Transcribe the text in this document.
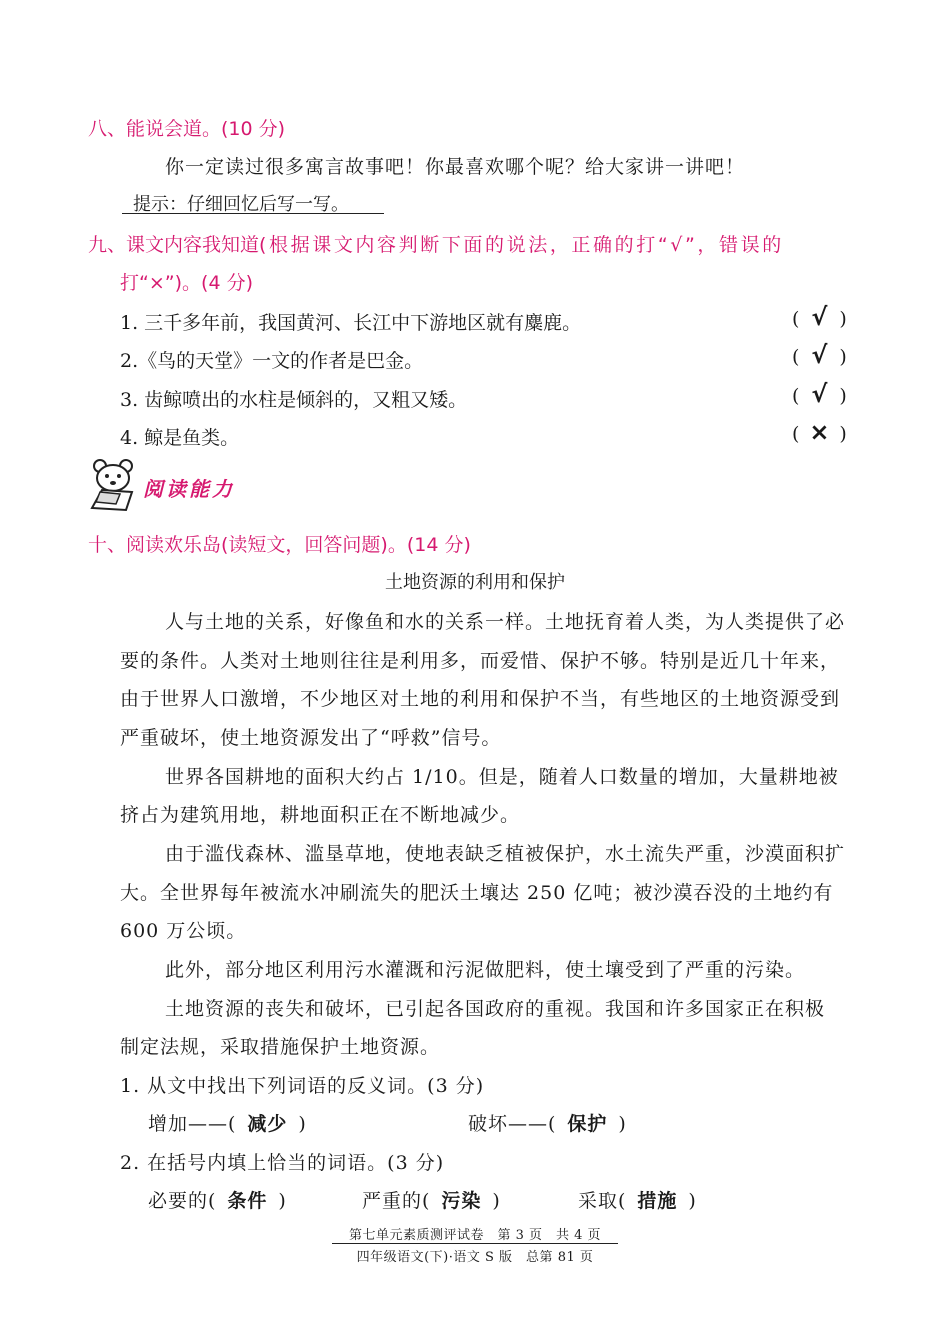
八、能说会道。(10 分)
你一定读过很多寓言故事吧！你最喜欢哪个呢？给大家讲一讲吧！
提示：仔细回忆后写一写。
九、课文内容我知道(根据课文内容判断下面的说法，正确的打“√”，错误的
打“×”)。(4 分)
1. 三千多年前，我国黄河、长江中下游地区就有麋鹿。	( √ )
2.《鸟的天堂》一文的作者是巴金。	( √ )
3. 齿鲸喷出的水柱是倾斜的，又粗又矮。	( √ )
4. 鲸是鱼类。	( × )
阅读能力
十、阅读欢乐岛(读短文，回答问题)。(14 分)
土地资源的利用和保护
人与土地的关系，好像鱼和水的关系一样。土地抚育着人类，为人类提供了必
要的条件。人类对土地则往往是利用多，而爱惜、保护不够。特别是近几十年来，
由于世界人口激增，不少地区对土地的利用和保护不当，有些地区的土地资源受到
严重破坏，使土地资源发出了“呼救”信号。
世界各国耕地的面积大约占 1/10。但是，随着人口数量的增加，大量耕地被
挤占为建筑用地，耕地面积正在不断地减少。
由于滥伐森林、滥垦草地，使地表缺乏植被保护，水土流失严重，沙漠面积扩
大。全世界每年被流水冲刷流失的肥沃土壤达 250 亿吨；被沙漠吞没的土地约有
600 万公顷。
此外，部分地区利用污水灌溉和污泥做肥料，使土壤受到了严重的污染。
土地资源的丧失和破坏，已引起各国政府的重视。我国和许多国家正在积极
制定法规，采取措施保护土地资源。
1. 从文中找出下列词语的反义词。(3 分)
增加——( 减少 )	破坏——( 保护 )
2. 在括号内填上恰当的词语。(3 分)
必要的( 条件 )	严重的( 污染 )	采取( 措施 )
第七单元素质测评试卷　第 3 页　共 4 页
四年级语文(下)·语文 S 版　总第 81 页
